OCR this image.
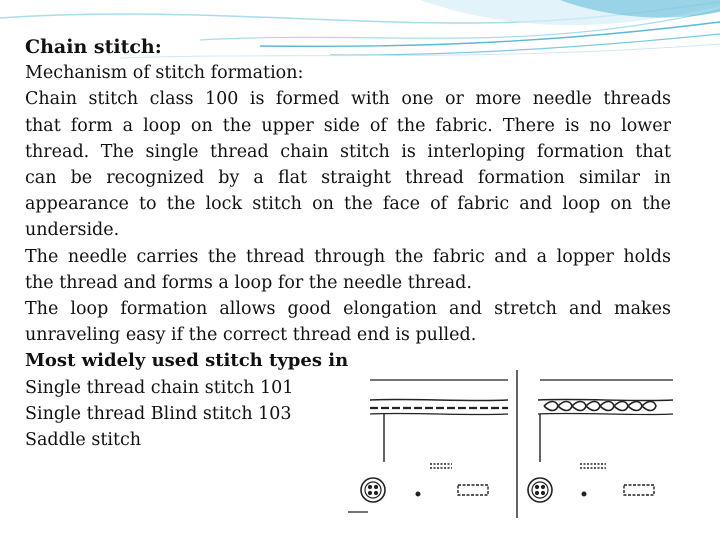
Chain stitch:

Mechanism of stitch formation:

Chain stitch class 100 is formed with one or more needle threads

that form a loop on the upper side of the fabric. There is no lower

thread. The single thread chain stitch is interloping formation that

can be recognized by a flat straight thread formation similar in

appearance to the lock stitch on the face of fabric and loop on the

underside.

The needle carries the thread through the fabric and a lopper holds

the thread and forms a loop for the needle thread.

The loop formation allows good elongation and stretch and makes

unraveling easy if the correct thread end is pulled.

Most widely used stitch types in

Single thread chain stitch 101

Single thread Blind stitch 103

Saddle stitch
